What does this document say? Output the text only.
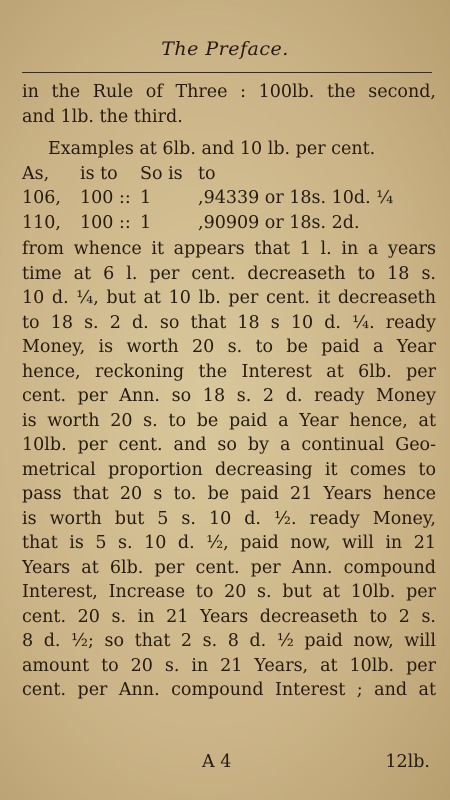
The Preface.
in the Rule of Three : 100lb. the second,
and 1lb. the third.
Examples at 6lb. and 10 lb. per cent.
As,	is to	So is to
106,	100 :: 1	,94339 or 18s. 10d. ¼
110,	100 :: 1	,90909 or 18s. 2d.
from whence it appears that 1 l. in a years
time at 6 l. per cent. decreaseth to 18 s.
10 d. ¼, but at 10 lb. per cent. it decreaseth
to 18 s. 2 d. so that 18 s 10 d. ¼. ready
Money, is worth 20 s. to be paid a Year
hence, reckoning the Interest at 6lb. per
cent. per Ann. so 18 s. 2 d. ready Money
is worth 20 s. to be paid a Year hence, at
10lb. per cent. and so by a continual Geo-
metrical proportion decreasing it comes to
pass that 20 s to. be paid 21 Years hence
is worth but 5 s. 10 d. ½. ready Money,
that is 5 s. 10 d. ½, paid now, will in 21
Years at 6lb. per cent. per Ann. compound
Interest, Increase to 20 s. but at 10lb. per
cent. 20 s. in 21 Years decreaseth to 2 s.
8 d. ½; so that 2 s. 8 d. ½ paid now, will
amount to 20 s. in 21 Years, at 10lb. per
cent. per Ann. compound Interest ; and at
A 4	12lb.
